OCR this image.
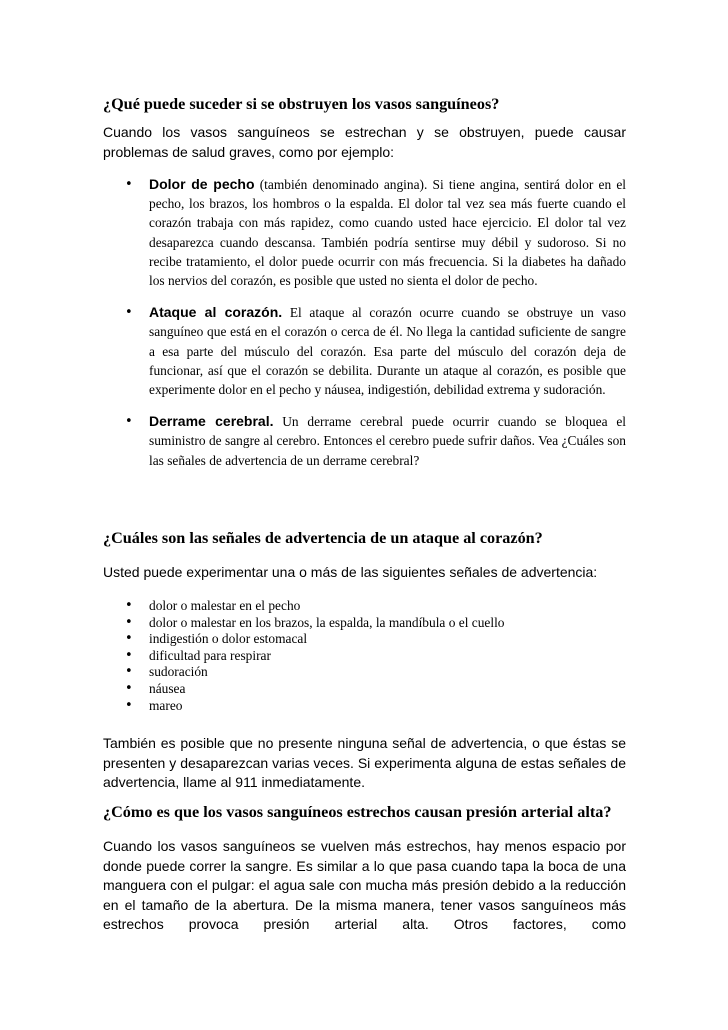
¿Qué puede suceder si se obstruyen los vasos sanguíneos?

Cuando los vasos sanguíneos se estrechan y se obstruyen, puede causar problemas de salud graves, como por ejemplo:

• Dolor de pecho (también denominado angina). Si tiene angina, sentirá dolor en el pecho, los brazos, los hombros o la espalda. El dolor tal vez sea más fuerte cuando el corazón trabaja con más rapidez, como cuando usted hace ejercicio. El dolor tal vez desaparezca cuando descansa. También podría sentirse muy débil y sudoroso. Si no recibe tratamiento, el dolor puede ocurrir con más frecuencia. Si la diabetes ha dañado los nervios del corazón, es posible que usted no sienta el dolor de pecho.
• Ataque al corazón. El ataque al corazón ocurre cuando se obstruye un vaso sanguíneo que está en el corazón o cerca de él. No llega la cantidad suficiente de sangre a esa parte del músculo del corazón. Esa parte del músculo del corazón deja de funcionar, así que el corazón se debilita. Durante un ataque al corazón, es posible que experimente dolor en el pecho y náusea, indigestión, debilidad extrema y sudoración.
• Derrame cerebral. Un derrame cerebral puede ocurrir cuando se bloquea el suministro de sangre al cerebro. Entonces el cerebro puede sufrir daños. Vea ¿Cuáles son las señales de advertencia de un derrame cerebral?
¿Cuáles son las señales de advertencia de un ataque al corazón?

Usted puede experimentar una o más de las siguientes señales de advertencia:

• dolor o malestar en el pecho
• dolor o malestar en los brazos, la espalda, la mandíbula o el cuello
• indigestión o dolor estomacal
• dificultad para respirar
• sudoración
• náusea
• mareo

También es posible que no presente ninguna señal de advertencia, o que éstas se presenten y desaparezcan varias veces. Si experimenta alguna de estas señales de advertencia, llame al 911 inmediatamente.

¿Cómo es que los vasos sanguíneos estrechos causan presión arterial alta?

Cuando los vasos sanguíneos se vuelven más estrechos, hay menos espacio por donde puede correr la sangre. Es similar a lo que pasa cuando tapa la boca de una manguera con el pulgar: el agua sale con mucha más presión debido a la reducción en el tamaño de la abertura. De la misma manera, tener vasos sanguíneos más estrechos provoca presión arterial alta. Otros factores, como
